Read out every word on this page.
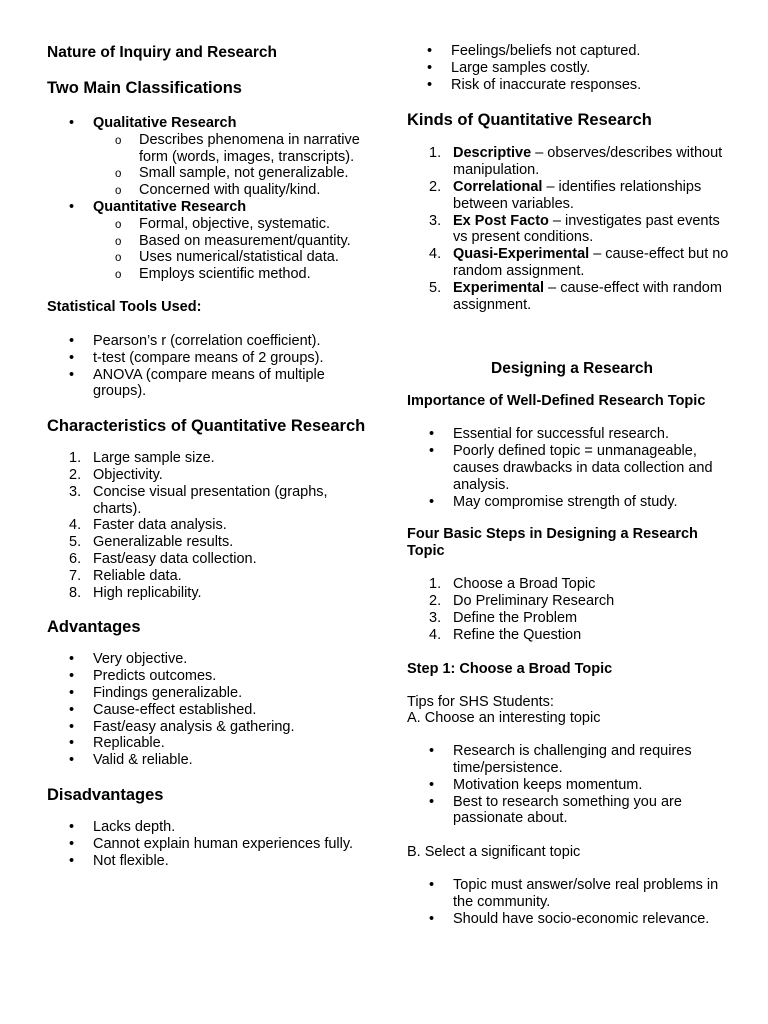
Nature of Inquiry and Research
Two Main Classifications
• Qualitative Research
o Describes phenomena in narrative form (words, images, transcripts).
o Small sample, not generalizable.
o Concerned with quality/kind.
• Quantitative Research
o Formal, objective, systematic.
o Based on measurement/quantity.
o Uses numerical/statistical data.
o Employs scientific method.
Statistical Tools Used:
• Pearson’s r (correlation coefficient).
• t-test (compare means of 2 groups).
• ANOVA (compare means of multiple groups).
Characteristics of Quantitative Research
1. Large sample size.
2. Objectivity.
3. Concise visual presentation (graphs, charts).
4. Faster data analysis.
5. Generalizable results.
6. Fast/easy data collection.
7. Reliable data.
8. High replicability.
Advantages
• Very objective.
• Predicts outcomes.
• Findings generalizable.
• Cause-effect established.
• Fast/easy analysis & gathering.
• Replicable.
• Valid & reliable.
Disadvantages
• Lacks depth.
• Cannot explain human experiences fully.
• Not flexible.
• Feelings/beliefs not captured.
• Large samples costly.
• Risk of inaccurate responses.
Kinds of Quantitative Research
1. Descriptive – observes/describes without manipulation.
2. Correlational – identifies relationships between variables.
3. Ex Post Facto – investigates past events vs present conditions.
4. Quasi-Experimental – cause-effect but no random assignment.
5. Experimental – cause-effect with random assignment.
Designing a Research
Importance of Well-Defined Research Topic
• Essential for successful research.
• Poorly defined topic = unmanageable, causes drawbacks in data collection and analysis.
• May compromise strength of study.
Four Basic Steps in Designing a Research Topic
1. Choose a Broad Topic
2. Do Preliminary Research
3. Define the Problem
4. Refine the Question
Step 1: Choose a Broad Topic

Tips for SHS Students:

A. Choose an interesting topic

• Research is challenging and requires time/persistence.
• Motivation keeps momentum.
• Best to research something you are passionate about.

B. Select a significant topic

• Topic must answer/solve real problems in the community.
• Should have socio-economic relevance.
